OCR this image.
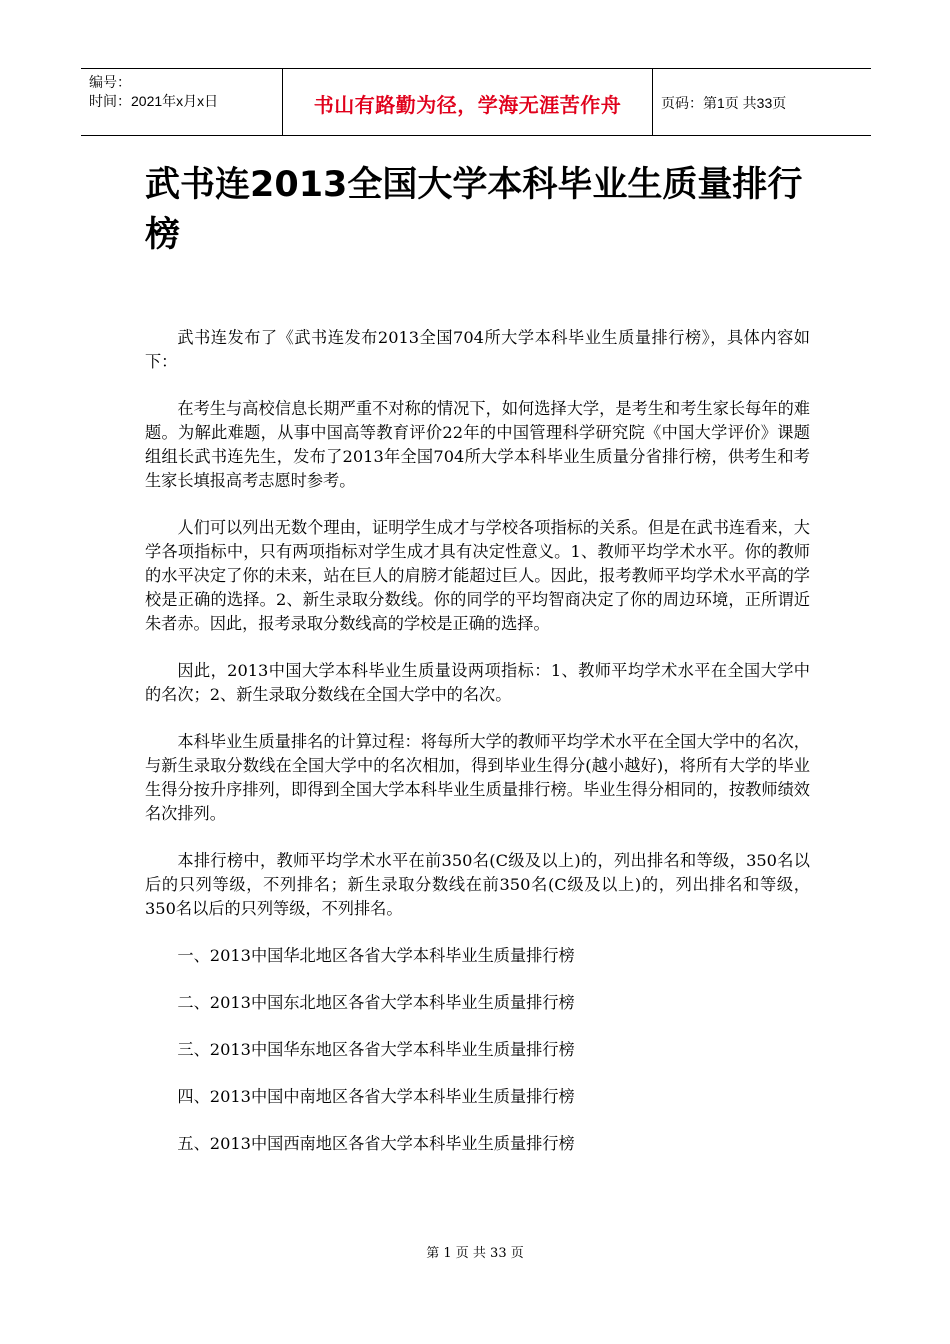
编号：
时间：2021年x月x日	书山有路勤为径，学海无涯苦作舟	页码：第1页 共33页
武书连2013全国大学本科毕业生质量排行榜

武书连发布了《武书连发布2013全国704所大学本科毕业生质量排行榜》，具体内容如下：

在考生与高校信息长期严重不对称的情况下，如何选择大学，是考生和考生家长每年的难题。为解此难题，从事中国高等教育评价22年的中国管理科学研究院《中国大学评价》课题组组长武书连先生，发布了2013年全国704所大学本科毕业生质量分省排行榜，供考生和考生家长填报高考志愿时参考。

人们可以列出无数个理由，证明学生成才与学校各项指标的关系。但是在武书连看来，大学各项指标中，只有两项指标对学生成才具有决定性意义。1、教师平均学术水平。你的教师的水平决定了你的未来，站在巨人的肩膀才能超过巨人。因此，报考教师平均学术水平高的学校是正确的选择。2、新生录取分数线。你的同学的平均智商决定了你的周边环境，正所谓近朱者赤。因此，报考录取分数线高的学校是正确的选择。

因此，2013中国大学本科毕业生质量设两项指标：1、教师平均学术水平在全国大学中的名次；2、新生录取分数线在全国大学中的名次。

本科毕业生质量排名的计算过程：将每所大学的教师平均学术水平在全国大学中的名次，与新生录取分数线在全国大学中的名次相加，得到毕业生得分(越小越好)，将所有大学的毕业生得分按升序排列，即得到全国大学本科毕业生质量排行榜。毕业生得分相同的，按教师绩效名次排列。

本排行榜中，教师平均学术水平在前350名(C级及以上)的，列出排名和等级，350名以后的只列等级，不列排名；新生录取分数线在前350名(C级及以上)的，列出排名和等级，350名以后的只列等级，不列排名。

一、2013中国华北地区各省大学本科毕业生质量排行榜

二、2013中国东北地区各省大学本科毕业生质量排行榜

三、2013中国华东地区各省大学本科毕业生质量排行榜

四、2013中国中南地区各省大学本科毕业生质量排行榜

五、2013中国西南地区各省大学本科毕业生质量排行榜

第 1 页 共 33 页
